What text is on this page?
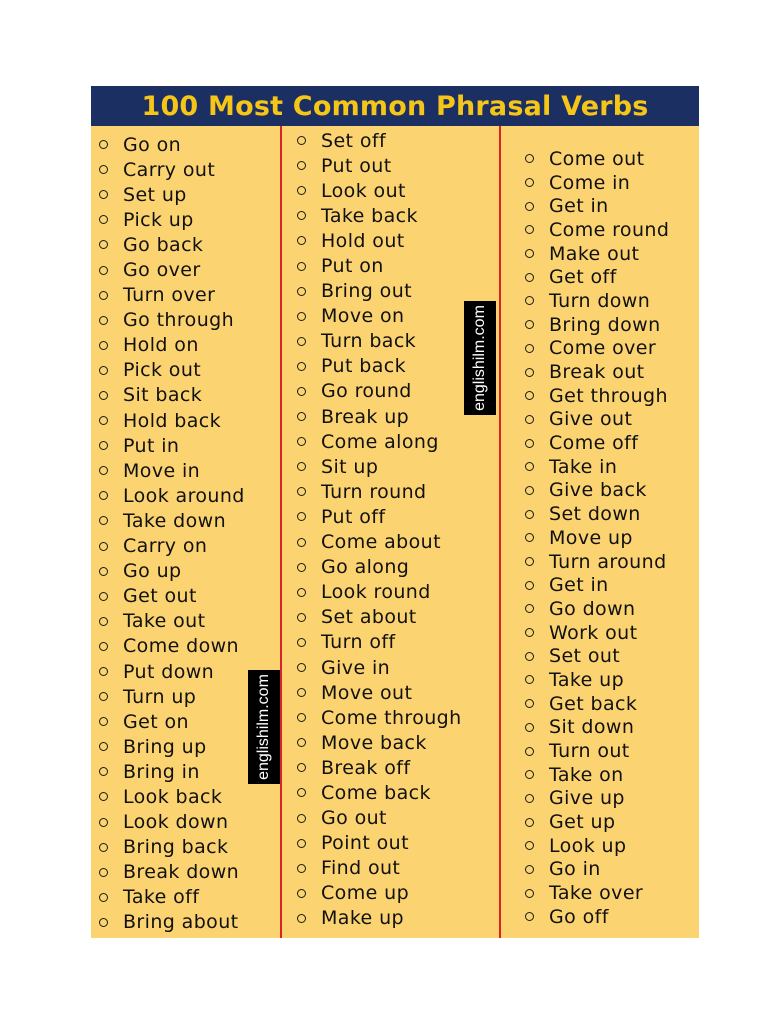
100 Most Common Phrasal Verbs
Go on
Carry out
Set up
Pick up
Go back
Go over
Turn over
Go through
Hold on
Pick out
Sit back
Hold back
Put in
Move in
Look around
Take down
Carry on
Go up
Get out
Take out
Come down
Put down
Turn up
Get on
Bring up
Bring in
Look back
Look down
Bring back
Break down
Take off
Bring about
Set off
Put out
Look out
Take back
Hold out
Put on
Bring out
Move on
Turn back
Put back
Go round
Break up
Come along
Sit up
Turn round
Put off
Come about
Go along
Look round
Set about
Turn off
Give in
Move out
Come through
Move back
Break off
Come back
Go out
Point out
Find out
Come up
Make up
Come out
Come in
Get in
Come round
Make out
Get off
Turn down
Bring down
Come over
Break out
Get through
Give out
Come off
Take in
Give back
Set down
Move up
Turn around
Get in
Go down
Work out
Set out
Take up
Get back
Sit down
Turn out
Take on
Give up
Get up
Look up
Go in
Take over
Go off
englishilm.com
englishilm.com
